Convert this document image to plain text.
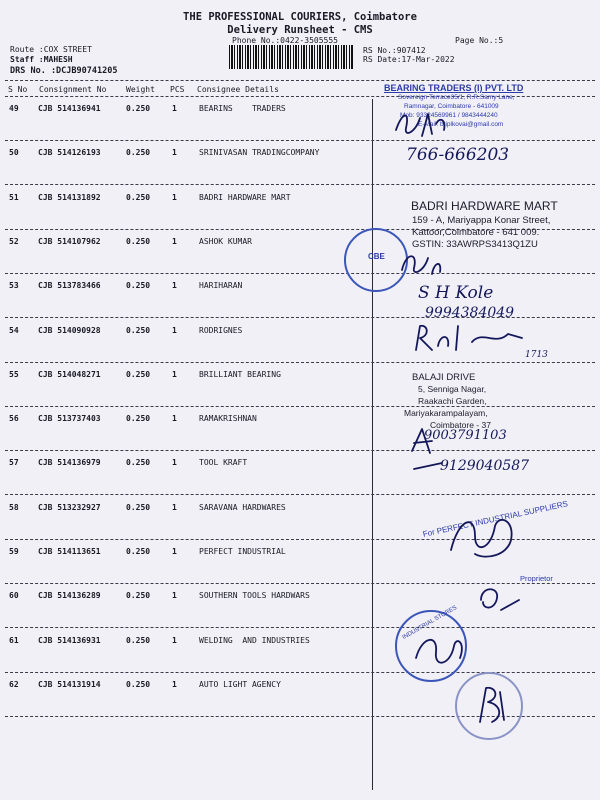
THE PROFESSIONAL COURIERS, Coimbatore
Delivery Runsheet - CMS
Phone No.:0422-3505555	Page No.:5
Route :COX STREET
Staff :MAHESH
DRS No. :DCJB90741205
RS No.:907412
RS Date:17-Mar-2022
S No Consignment No Weight PCS Consignee Details
49 CJB 514136941	0.250	1	BEARINS    TRADERS
50 CJB 514126193	0.250	1	SRINIVASAN TRADINGCOMPANY
51 CJB 514131892	0.250	1	BADRI HARDWARE MART
52 CJB 514107962	0.250	1	ASHOK KUMAR
53 CJB 513783466	0.250	1	HARIHARAN
54 CJB 514090928	0.250	1	RODRIGNES
55 CJB 514048271	0.250	1	BRILLIANT BEARING
56 CJB 513737403	0.250	1	RAMAKRISHNAN
57 CJB 514136979	0.250	1	TOOL KRAFT
58 CJB 513232927	0.250	1	SARAVANA HARDWARES
59 CJB 514113651	0.250	1	PERFECT INDUSTRIAL
60 CJB 514136289	0.250	1	SOUTHERN TOOLS HARDWARS
61 CJB 514136931	0.250	1	WELDING  AND INDUSTRIES
62 CJB 514131914	0.250	1	AUTO LIGHT AGENCY
BEARING TRADERS (I) PVT. LTD
Sovereign Terrace35/1, R.R.Samy Lane,
Ramnagar, Coimbatore - 641009
Mob: 93324569961 / 9843444240
E-Mail: btiplkovai@gmail.com
766-666203
BADRI HARDWARE MART
159 - A, Mariyappa Konar Street,
Kattoor,Coimbatore - 641 009.
GSTIN: 33AWRPS3413Q1ZU
CBE
S H Kole
9994384049
1713
BALAJI DRIVE
5, Senniga Nagar,
Raakachi Garden,
Mariyakarampalayam,
Coimbatore - 37
9003791103
9129040587
For PERFECT INDUSTRIAL SUPPLIERS
Proprietor
INDUSTRIAL STORES
